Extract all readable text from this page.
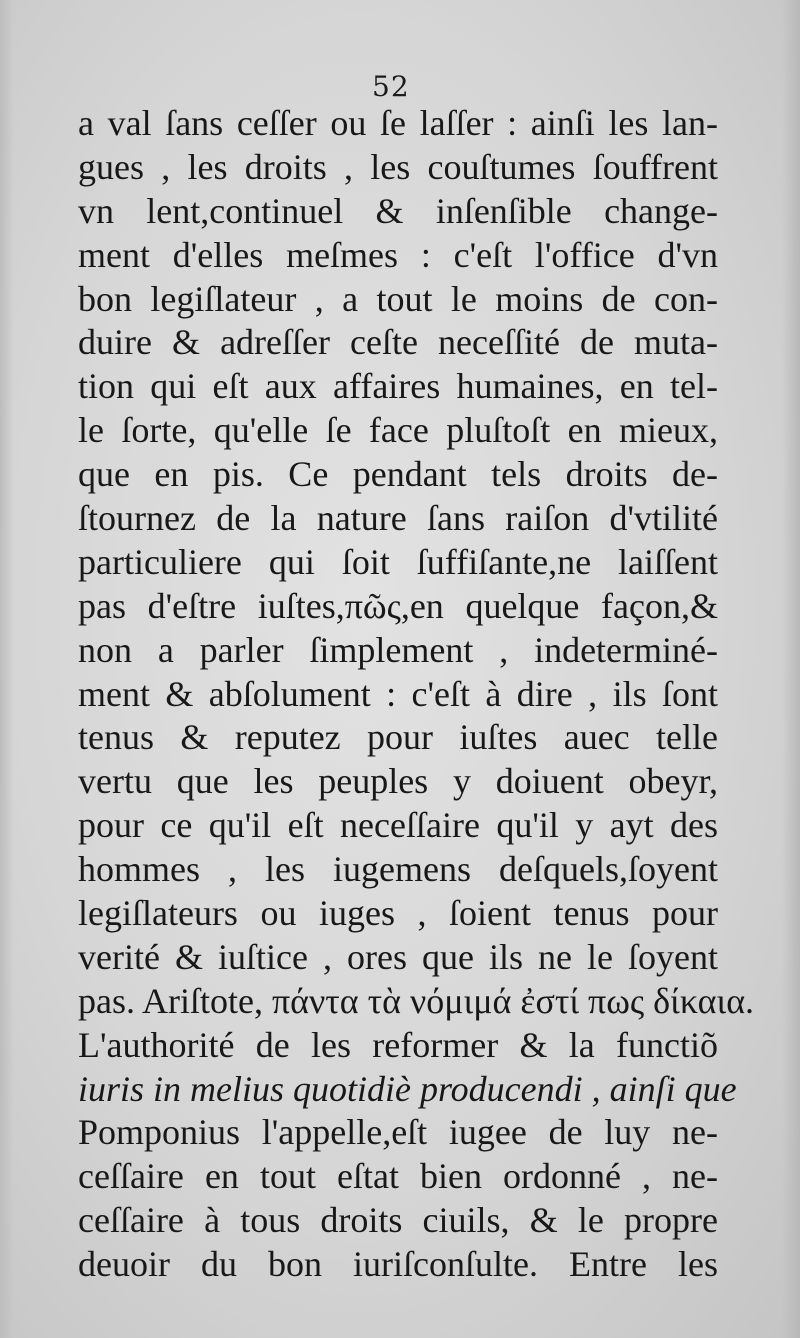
52
a val ſans ceſſer ou ſe laſſer : ainſi les lan-
gues , les droits , les couſtumes ſouffrent
vn lent,continuel & inſenſible change-
ment d'elles meſmes : c'eſt l'office d'vn
bon legiſlateur , a tout le moins de con-
duire & adreſſer ceſte neceſſité de muta-
tion qui eſt aux affaires humaines, en tel-
le ſorte, qu'elle ſe face pluſtoſt en mieux,
que en pis. Ce pendant tels droits de-
ſtournez de la nature ſans raiſon d'vtilité
particuliere qui ſoit ſuffiſante,ne laiſſent
pas d'eſtre iuſtes,πῶς,en quelque façon,&
non a parler ſimplement , indeterminé-
ment & abſolument : c'eſt à dire , ils ſont
tenus & reputez pour iuſtes auec telle
vertu que les peuples y doiuent obeyr,
pour ce qu'il eſt neceſſaire qu'il y ayt des
hommes , les iugemens deſquels,ſoyent
legiſlateurs ou iuges , ſoient tenus pour
verité & iuſtice , ores que ils ne le ſoyent
pas. Ariſtote, πάντα τὰ νόμιμά ἐστί πως δίκαια.
L'authorité de les reformer & la functiõ
iuris in melius quotidiè producendi , ainſi que
Pomponius l'appelle,eſt iugee de luy ne-
ceſſaire en tout eſtat bien ordonné , ne-
ceſſaire à tous droits ciuils, & le propre
deuoir du bon iuriſconſulte. Entre les
